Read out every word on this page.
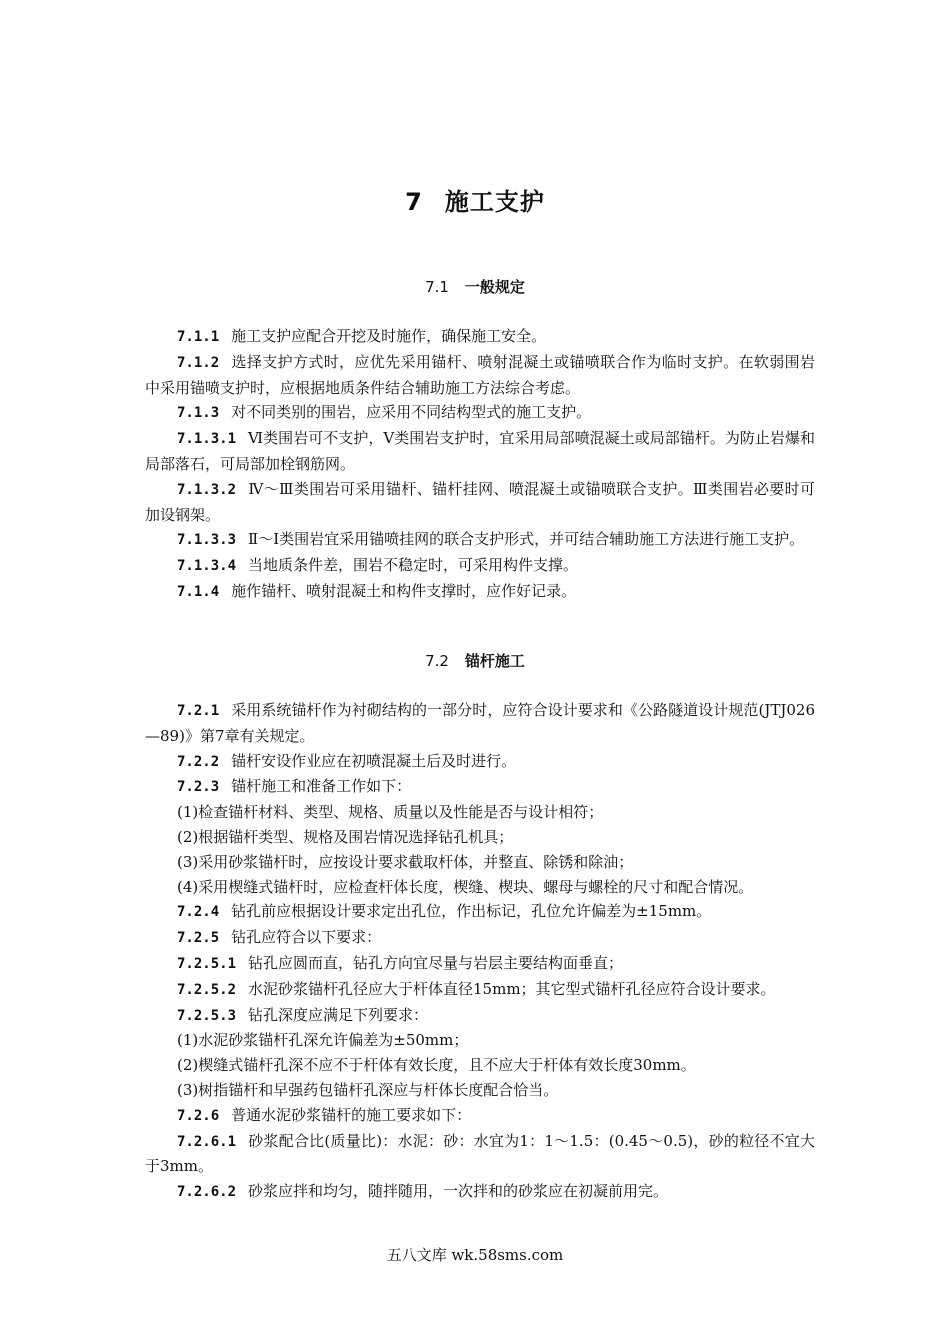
7 施工支护
7.1 一般规定

7.1.1 施工支护应配合开挖及时施作，确保施工安全。

7.1.2 选择支护方式时，应优先采用锚杆、喷射混凝土或锚喷联合作为临时支护。在软弱围岩中采用锚喷支护时，应根据地质条件结合辅助施工方法综合考虑。

7.1.3 对不同类别的围岩，应采用不同结构型式的施工支护。

7.1.3.1 Ⅵ类围岩可不支护，Ⅴ类围岩支护时，宜采用局部喷混凝土或局部锚杆。为防止岩爆和局部落石，可局部加栓钢筋网。

7.1.3.2 Ⅳ～Ⅲ类围岩可采用锚杆、锚杆挂网、喷混凝土或锚喷联合支护。Ⅲ类围岩必要时可加设钢架。

7.1.3.3 Ⅱ～Ⅰ类围岩宜采用锚喷挂网的联合支护形式，并可结合辅助施工方法进行施工支护。

7.1.3.4 当地质条件差，围岩不稳定时，可采用构件支撑。

7.1.4 施作锚杆、喷射混凝土和构件支撑时，应作好记录。

7.2 锚杆施工

7.2.1 采用系统锚杆作为衬砌结构的一部分时，应符合设计要求和《公路隧道设计规范(JTJ026—89)》第7章有关规定。

7.2.2 锚杆安设作业应在初喷混凝土后及时进行。

7.2.3 锚杆施工和准备工作如下：

(1)检查锚杆材料、类型、规格、质量以及性能是否与设计相符；

(2)根据锚杆类型、规格及围岩情况选择钻孔机具；

(3)采用砂浆锚杆时，应按设计要求截取杆体，并整直、除锈和除油；

(4)采用楔缝式锚杆时，应检查杆体长度，楔缝、楔块、螺母与螺栓的尺寸和配合情况。

7.2.4 钻孔前应根据设计要求定出孔位，作出标记，孔位允许偏差为±15mm。

7.2.5 钻孔应符合以下要求：

7.2.5.1 钻孔应圆而直，钻孔方向宜尽量与岩层主要结构面垂直；

7.2.5.2 水泥砂浆锚杆孔径应大于杆体直径15mm；其它型式锚杆孔径应符合设计要求。

7.2.5.3 钻孔深度应满足下列要求：

(1)水泥砂浆锚杆孔深允许偏差为±50mm；

(2)楔缝式锚杆孔深不应不于杆体有效长度，且不应大于杆体有效长度30mm。

(3)树指锚杆和早强药包锚杆孔深应与杆体长度配合恰当。

7.2.6 普通水泥砂浆锚杆的施工要求如下：

7.2.6.1 砂浆配合比(质量比)：水泥：砂：水宜为1：1～1.5：(0.45～0.5)，砂的粒径不宜大于3mm。

7.2.6.2 砂浆应拌和均匀，随拌随用，一次拌和的砂浆应在初凝前用完。

五八文库 wk.58sms.com
